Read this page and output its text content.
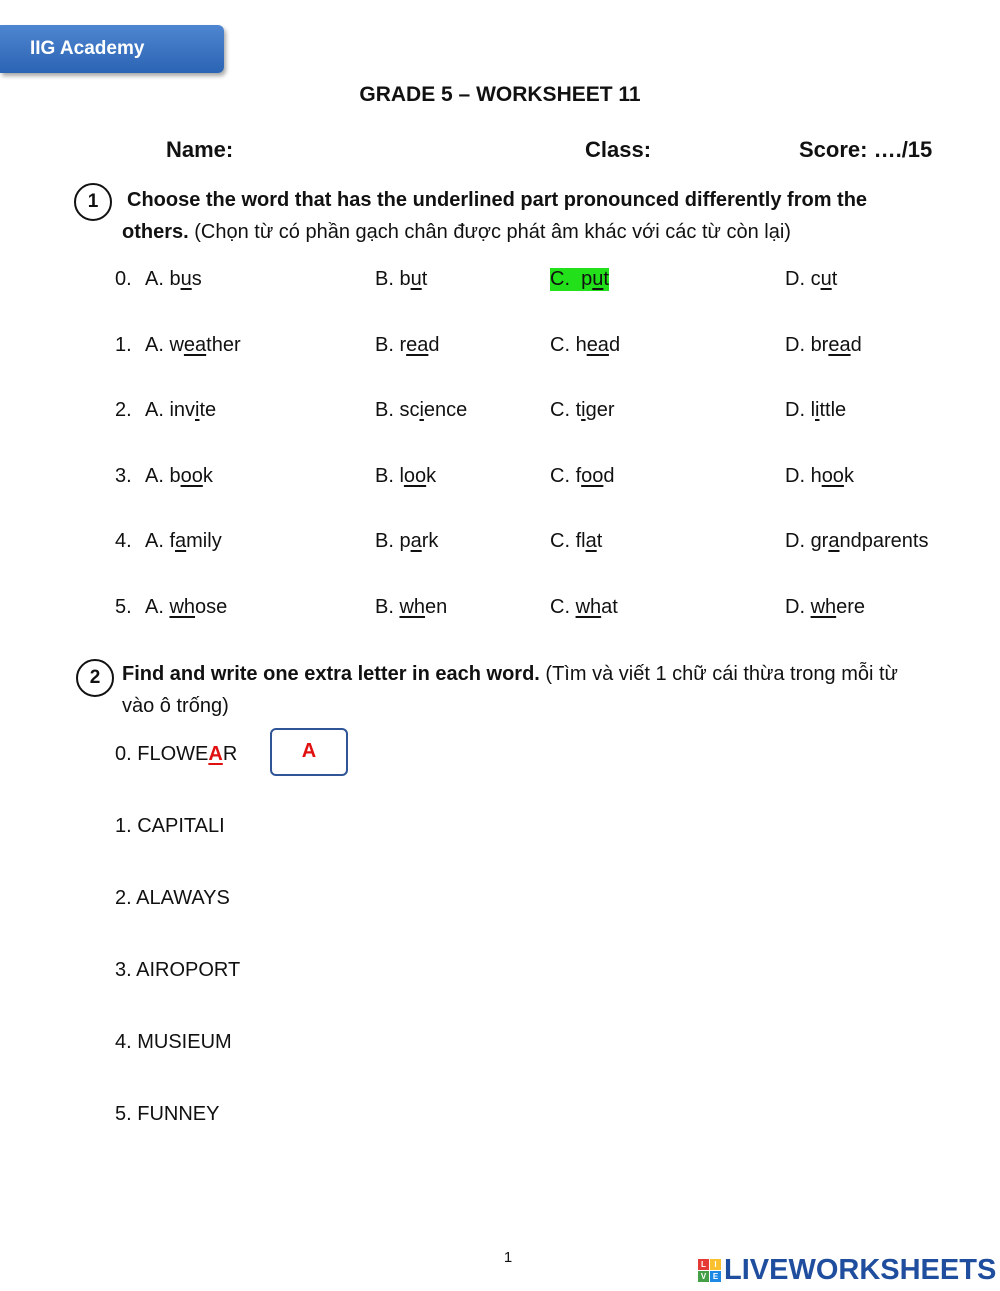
IIG Academy
GRADE 5 – WORKSHEET 11
Name:	Class:	Score: …./15
1	Choose the word that has the underlined part pronounced differently from the
others. (Chọn từ có phần gạch chân được phát âm khác với các từ còn lại)
0. A. bus	B. but	C.  put	D. cut
1. A. weather	B. read	C. head	D. bread
2. A. invite	B. science	C. tiger	D. little
3. A. book	B. look	C. food	D. hook
4. A. family	B. park	C. flat	D. grandparents
5. A. whose	B. when	C. what	D. where
2	Find and write one extra letter in each word. (Tìm và viết 1 chữ cái thừa trong mỗi từ
vào ô trống)
0. FLOWEAR	A
1. CAPITALI
2. ALAWAYS
3. AIROPORT
4. MUSIEUM
5. FUNNEY
1	L	I
V E LIVEWORKSHEETS
